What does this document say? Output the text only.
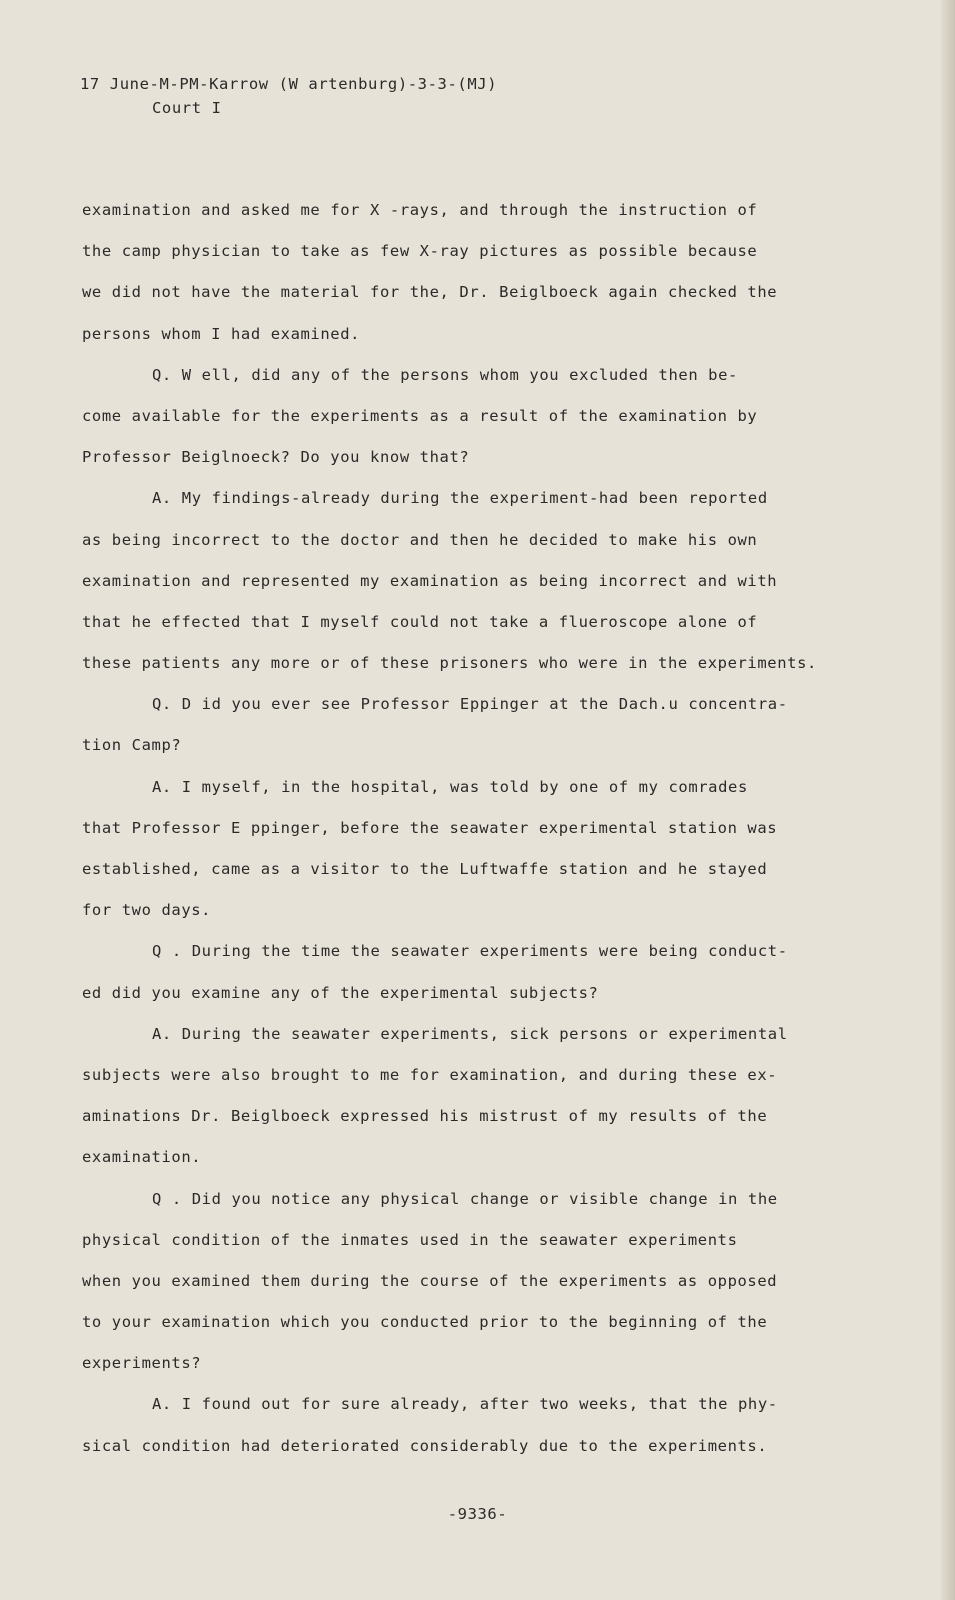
17 June-M-PM-Karrow (W artenburg)-3-3-(MJ)
Court I
examination and asked me for X -rays, and through the instruction of
the camp physician to take as few X-ray pictures as possible because
we did not have the material for the, Dr. Beiglboeck again checked the
persons whom I had examined.
Q. W ell, did any of the persons whom you excluded then be-
come available for the experiments as a result of the examination by
Professor Beiglnoeck? Do you know that?
A. My findings-already during the experiment-had been reported
as being incorrect to the doctor and then he decided to make his own
examination and represented my examination as being incorrect and with
that he effected that I myself could not take a flueroscope alone of
these patients any more or of these prisoners who were in the experiments.
Q. D id you ever see Professor Eppinger at the Dach.u concentra-
tion Camp?
A. I myself, in the hospital, was told by one of my comrades
that Professor E ppinger, before the seawater experimental station was
established, came as a visitor to the Luftwaffe station and he stayed
for two days.
Q . During the time the seawater experiments were being conduct-
ed did you examine any of the experimental subjects?
A. During the seawater experiments, sick persons or experimental
subjects were also brought to me for examination, and during these ex-
aminations Dr. Beiglboeck expressed his mistrust of my results of the
examination.
Q . Did you notice any physical change or visible change in the
physical condition of the inmates used in the seawater experiments
when you examined them during the course of the experiments as opposed
to your examination which you conducted prior to the beginning of the
experiments?
A. I found out for sure already, after two weeks, that the phy-
sical condition had deteriorated considerably due to the experiments.
-9336-
